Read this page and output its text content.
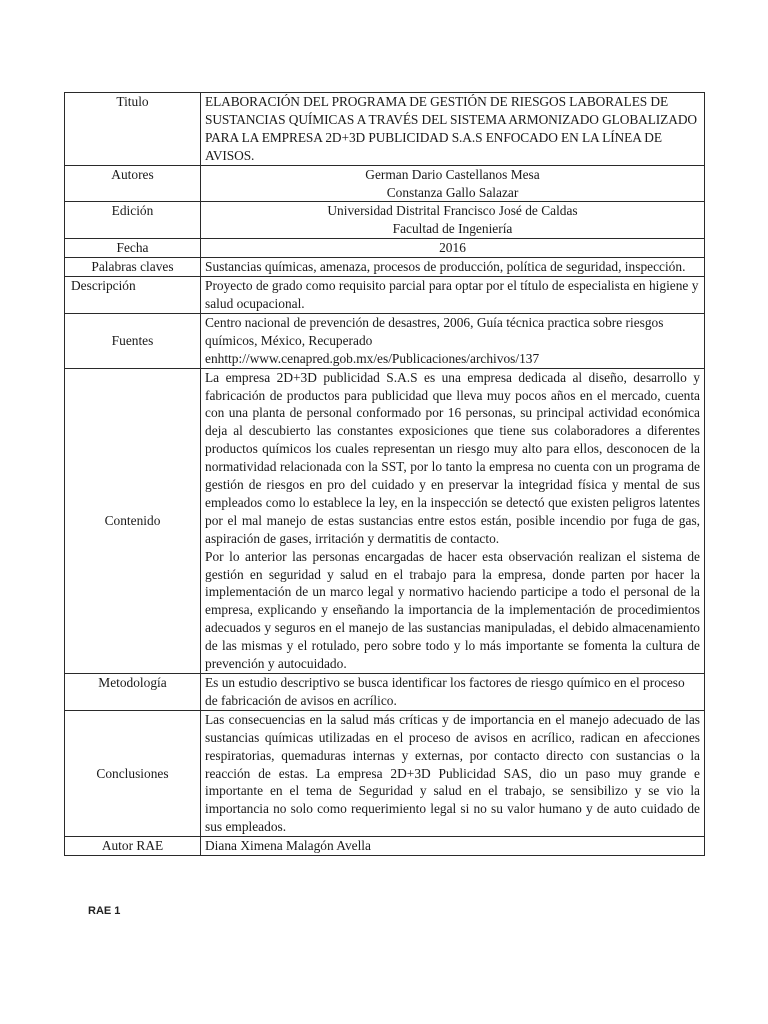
Titulo	ELABORACIÓN DEL PROGRAMA DE GESTIÓN DE RIESGOS LABORALES DE SUSTANCIAS QUÍMICAS A TRAVÉS DEL SISTEMA ARMONIZADO GLOBALIZADO PARA LA EMPRESA 2D+3D PUBLICIDAD S.A.S ENFOCADO EN LA LÍNEA DE AVISOS.
Autores	German Dario Castellanos Mesa
Constanza Gallo Salazar

Edición	Universidad Distrital Francisco José de Caldas
Facultad de Ingeniería

Fecha	2016
Palabras claves	Sustancias químicas, amenaza, procesos de producción, política de seguridad, inspección.
Descripción	Proyecto de grado como requisito parcial para optar por el título de especialista en higiene y salud ocupacional.
Fuentes	Centro nacional de prevención de desastres, 2006, Guía técnica practica sobre riesgos químicos, México, Recuperado enhttp://www.cenapred.gob.mx/es/Publicaciones/archivos/137
Contenido	La empresa 2D+3D publicidad S.A.S es una empresa dedicada al diseño, desarrollo y fabricación de productos para publicidad que lleva muy pocos años en el mercado, cuenta con una planta de personal conformado por 16 personas, su principal actividad económica deja al descubierto las constantes exposiciones que tiene sus colaboradores a diferentes productos químicos los cuales representan un riesgo muy alto para ellos, desconocen de la normatividad relacionada con la SST, por lo tanto la empresa no cuenta con un programa de gestión de riesgos en pro del cuidado y en preservar la integridad física y mental de sus empleados como lo establece la ley, en la inspección se detectó que existen peligros latentes por el mal manejo de estas sustancias entre estos están, posible incendio por fuga de gas, aspiración de gases, irritación y dermatitis de contacto.
Por lo anterior las personas encargadas de hacer esta observación realizan el sistema de gestión en seguridad y salud en el trabajo para la empresa, donde parten por hacer la implementación de un marco legal y normativo haciendo participe a todo el personal de la empresa, explicando y enseñando la importancia de la implementación de procedimientos adecuados y seguros en el manejo de las sustancias manipuladas, el debido almacenamiento de las mismas y el rotulado, pero sobre todo y lo más importante se fomenta la cultura de prevención y autocuidado.

Metodología	Es un estudio descriptivo se busca identificar los factores de riesgo químico en el proceso de fabricación de avisos en acrílico.
Conclusiones	Las consecuencias en la salud más críticas y de importancia en el manejo adecuado de las sustancias químicas utilizadas en el proceso de avisos en acrílico, radican en afecciones respiratorias, quemaduras internas y externas, por contacto directo con sustancias o la reacción de estas. La empresa 2D+3D Publicidad SAS, dio un paso muy grande e importante en el tema de Seguridad y salud en el trabajo, se sensibilizo y se vio la importancia no solo como requerimiento legal si no su valor humano y de auto cuidado de sus empleados.
Autor RAE	Diana Ximena Malagón Avella
RAE 1
